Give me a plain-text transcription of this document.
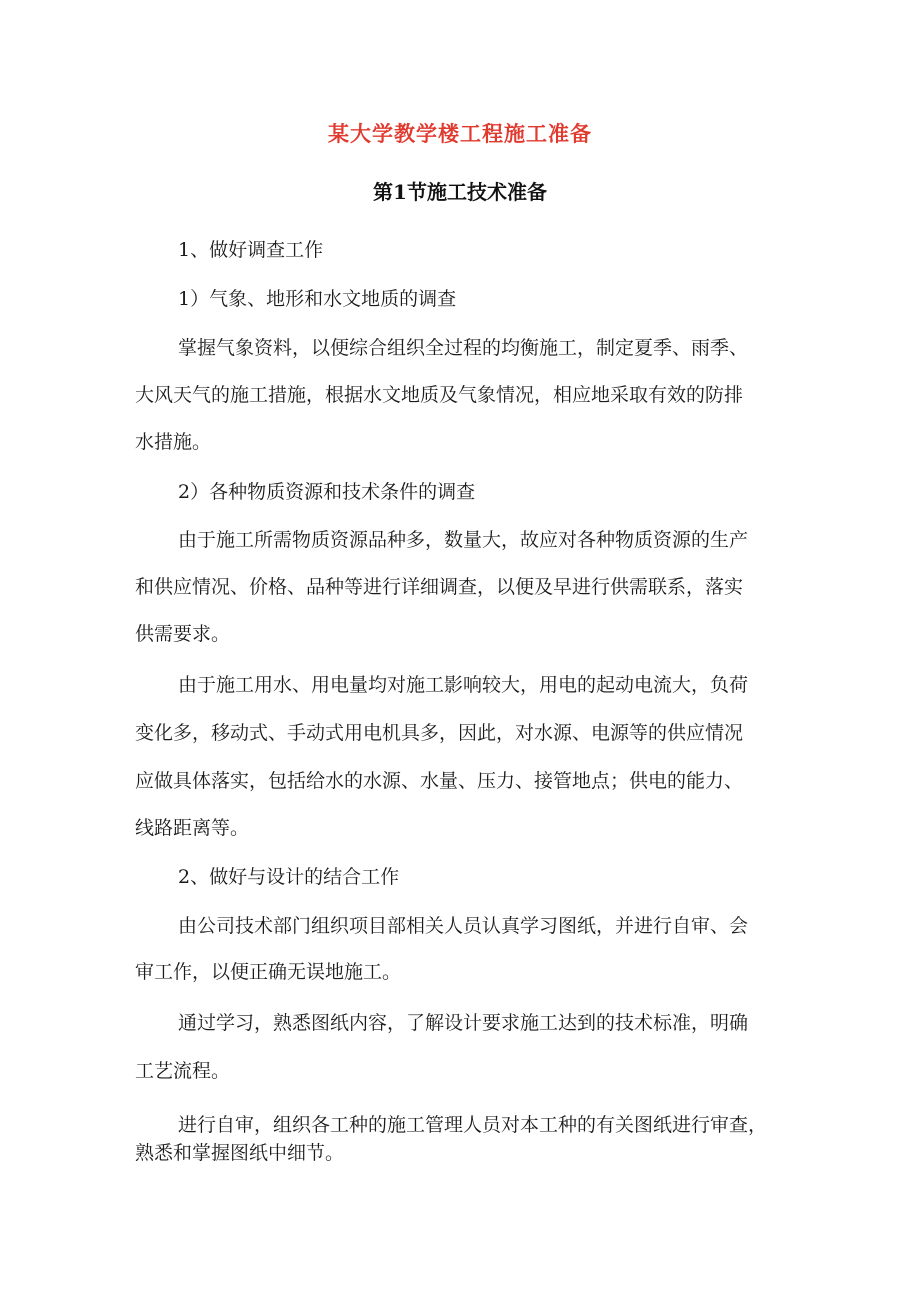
某大学教学楼工程施工准备
第1节施工技术准备
1、做好调查工作
1）气象、地形和水文地质的调查
掌握气象资料，以便综合组织全过程的均衡施工，制定夏季、雨季、
大风天气的施工措施，根据水文地质及气象情况，相应地采取有效的防排
水措施。
2）各种物质资源和技术条件的调查
由于施工所需物质资源品种多，数量大，故应对各种物质资源的生产
和供应情况、价格、品种等进行详细调查，以便及早进行供需联系，落实
供需要求。
由于施工用水、用电量均对施工影响较大，用电的起动电流大，负荷
变化多，移动式、手动式用电机具多，因此，对水源、电源等的供应情况
应做具体落实，包括给水的水源、水量、压力、接管地点；供电的能力、
线路距离等。
2、做好与设计的结合工作
由公司技术部门组织项目部相关人员认真学习图纸，并进行自审、会
审工作，以便正确无误地施工。
通过学习，熟悉图纸内容，了解设计要求施工达到的技术标准，明确
工艺流程。
进行自审，组织各工种的施工管理人员对本工种的有关图纸进行审查，
熟悉和掌握图纸中细节。
